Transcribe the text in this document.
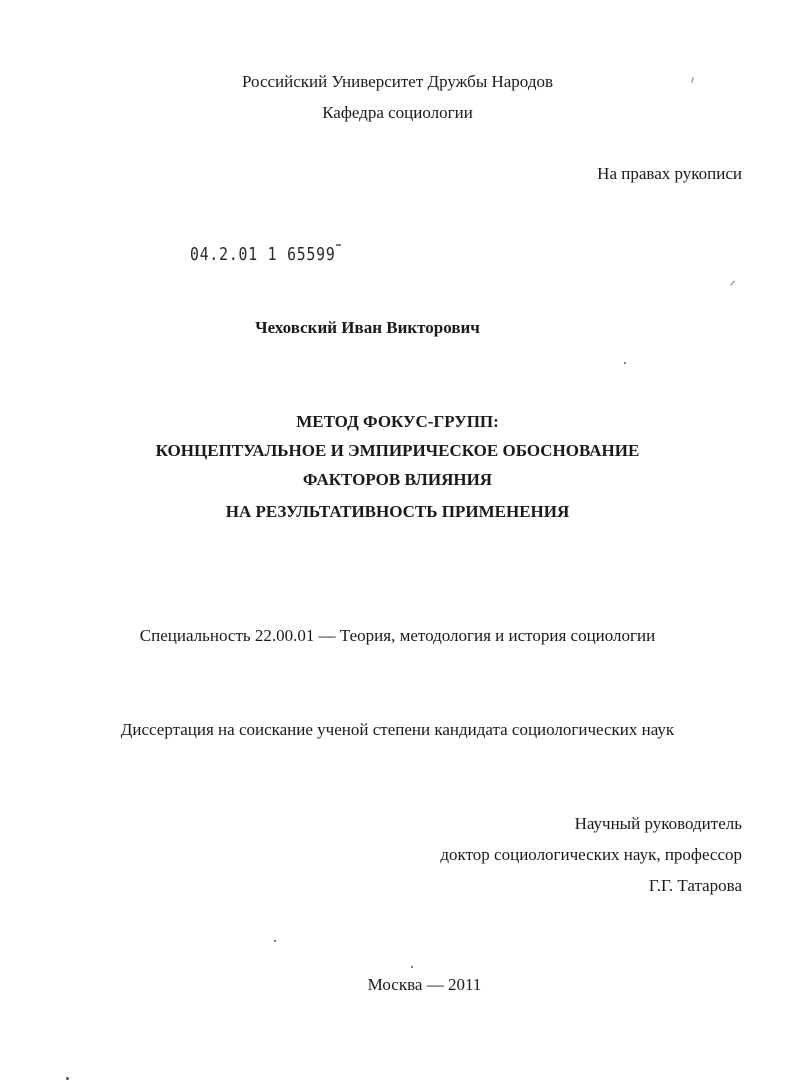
Российский Университет Дружбы Народов
Кафедра социологии
На правах рукописи
04.2.01 1 65599
Чеховский Иван Викторович
МЕТОД ФОКУС-ГРУПП:
КОНЦЕПТУАЛЬНОЕ И ЭМПИРИЧЕСКОЕ ОБОСНОВАНИЕ
ФАКТОРОВ ВЛИЯНИЯ
НА РЕЗУЛЬТАТИВНОСТЬ ПРИМЕНЕНИЯ
Специальность 22.00.01 — Теория, методология и история социологии
Диссертация на соискание ученой степени кандидата социологических наук
Научный руководитель
доктор социологических наук, профессор
Г.Г. Татарова
Москва — 2011
